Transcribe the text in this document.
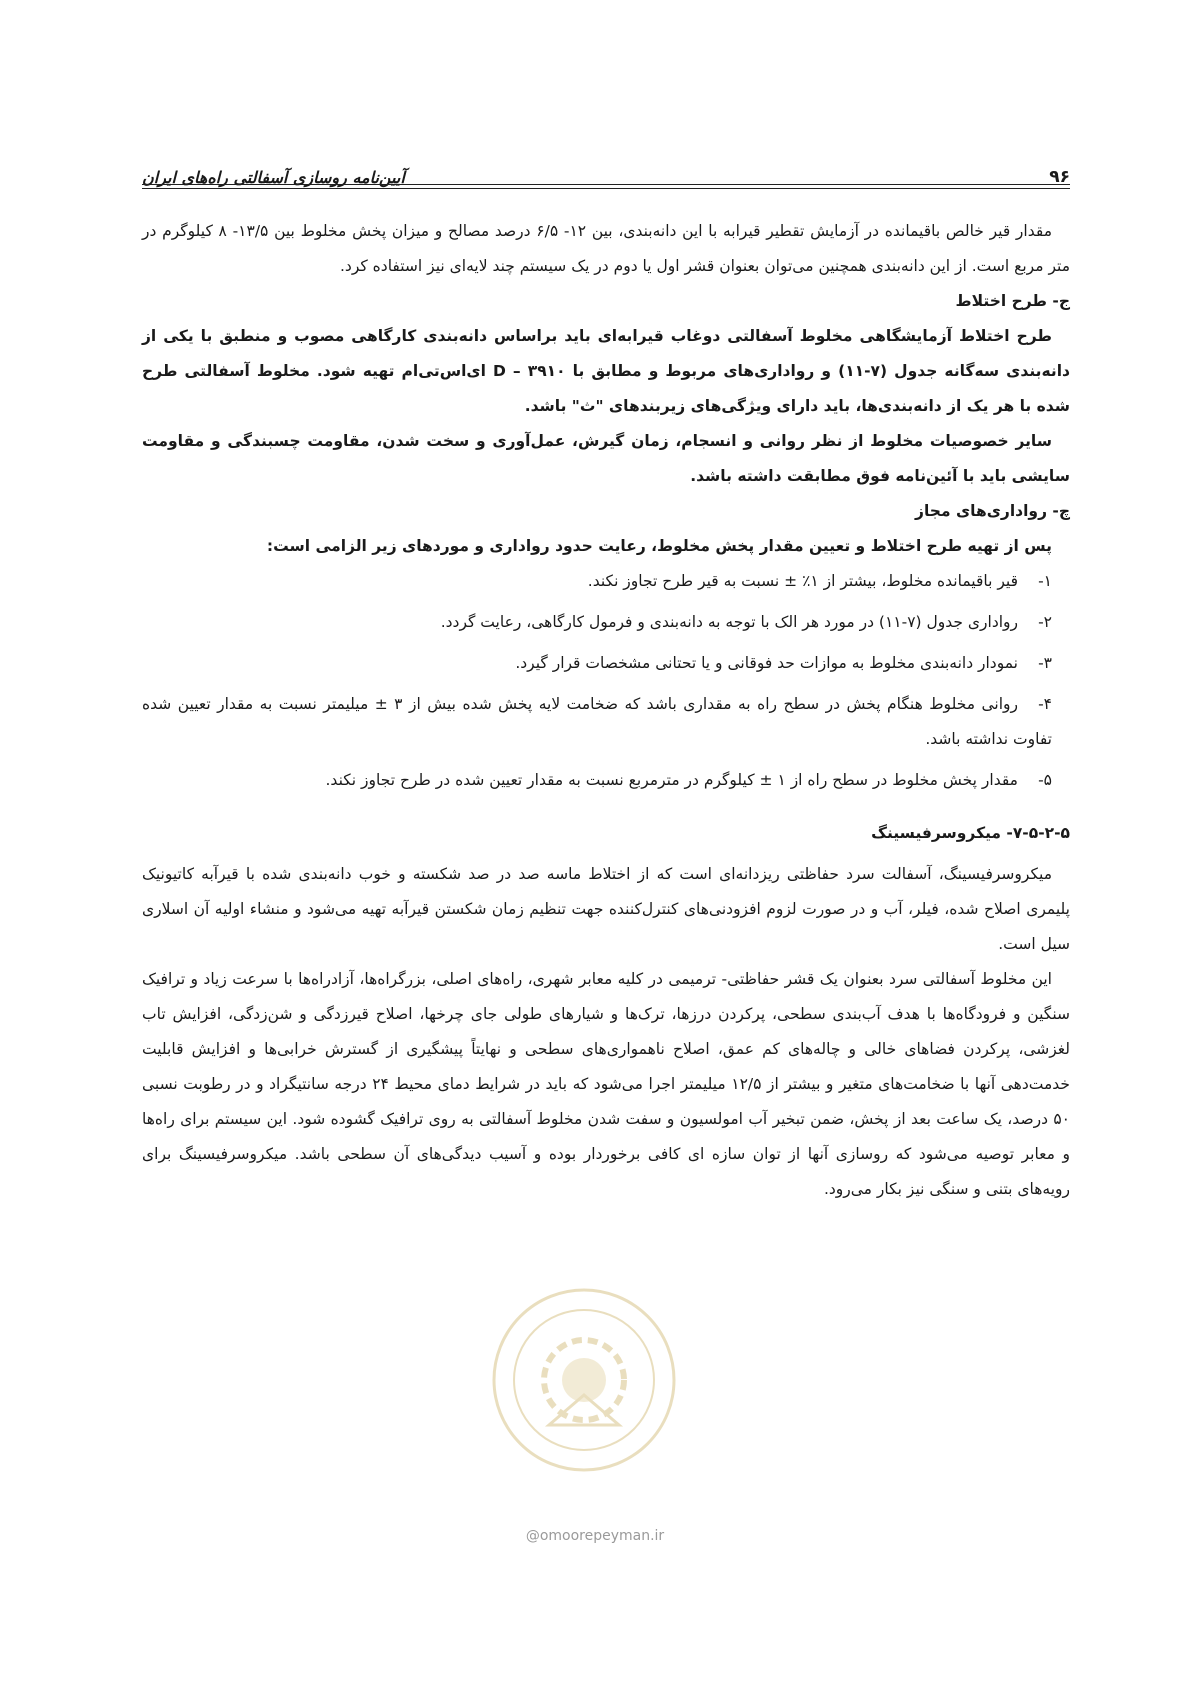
۹۶
آیین‌نامه روسازی آسفالتی راه‌های ایران

مقدار قیر خالص باقیمانده در آزمایش تقطیر قیرابه با این دانه‌بندی، بین ۱۲- ۶/۵ درصد مصالح و میزان پخش مخلوط بین ۱۳/۵- ۸ کیلوگرم در متر مربع است. از این دانه‌بندی همچنین می‌توان بعنوان قشر اول یا دوم در یک سیستم چند لایه‌ای نیز استفاده کرد.

ج- طرح اختلاط

طرح اختلاط آزمایشگاهی مخلوط آسفالتی دوغاب قیرابه‌ای باید براساس دانه‌بندی کارگاهی مصوب و منطبق با یکی از دانه‌بندی سه‌گانه جدول (۷-۱۱) و رواداری‌های مربوط و مطابق با D – ۳۹۱۰ ای‌اس‌تی‌ام تهیه شود. مخلوط آسفالتی طرح شده با هر یک از دانه‌بندی‌ها، باید دارای ویژگی‌های زیربندهای "ث" باشد.

سایر خصوصیات مخلوط از نظر روانی و انسجام، زمان گیرش، عمل‌آوری و سخت شدن، مقاومت چسبندگی و مقاومت سایشی باید با آئین‌نامه فوق مطابقت داشته باشد.

چ- رواداری‌های مجاز

پس از تهیه طرح اختلاط و تعیین مقدار پخش مخلوط، رعایت حدود رواداری و موردهای زیر الزامی است:

۱-قیر باقیمانده مخلوط، بیشتر از ۱٪ ± نسبت به قیر طرح تجاوز نکند.
۲-رواداری جدول (۷-۱۱) در مورد هر الک با توجه به دانه‌بندی و فرمول کارگاهی، رعایت گردد.
۳-نمودار دانه‌بندی مخلوط به موازات حد فوقانی و یا تحتانی مشخصات قرار گیرد.
۴-روانی مخلوط هنگام پخش در سطح راه به مقداری باشد که ضخامت لایه پخش شده بیش از ۳ ± میلیمتر نسبت به مقدار تعیین شده تفاوت نداشته باشد.
۵-مقدار پخش مخلوط در سطح راه از ۱ ± کیلوگرم در مترمربع نسبت به مقدار تعیین شده در طرح تجاوز نکند.

۷-۵-۲-۵- میکروسرفیسینگ

میکروسرفیسینگ، آسفالت سرد حفاظتی ریزدانه‌ای است که از اختلاط ماسه صد در صد شکسته و خوب دانه‌بندی شده با قیرآبه کاتیونیک پلیمری اصلاح شده، فیلر، آب و در صورت لزوم افزودنی‌های کنترل‌کننده جهت تنظیم زمان شکستن قیرآبه تهیه می‌شود و منشاء اولیه آن اسلاری سیل است.

این مخلوط آسفالتی سرد بعنوان یک قشر حفاظتی- ترمیمی در کلیه معابر شهری، راه‌های اصلی، بزرگراه‌ها، آزادراه‌ها با سرعت زیاد و ترافیک سنگین و فرودگاه‌ها با هدف آب‌بندی سطحی، پرکردن درزها، ترک‌ها و شیارهای طولی جای چرخها، اصلاح قیرزدگی و شن‌زدگی، افزایش تاب لغزشی، پرکردن فضاهای خالی و چاله‌های کم عمق، اصلاح ناهمواری‌های سطحی و نهایتاً پیشگیری از گسترش خرابی‌ها و افزایش قابلیت خدمت‌دهی آنها با ضخامت‌های متغیر و بیشتر از ۱۲/۵ میلیمتر اجرا می‌شود که باید در شرایط دمای محیط ۲۴ درجه سانتیگراد و در رطوبت نسبی ۵۰ درصد، یک ساعت بعد از پخش، ضمن تبخیر آب امولسیون و سفت شدن مخلوط آسفالتی به روی ترافیک گشوده شود. این سیستم برای راه‌ها و معابر توصیه می‌شود که روسازی آنها از توان سازه ای کافی برخوردار بوده و آسیب دیدگی‌های آن سطحی باشد. میکروسرفیسینگ برای رویه‌های بتنی و سنگی نیز بکار می‌رود.

@omoorepeyman.ir
